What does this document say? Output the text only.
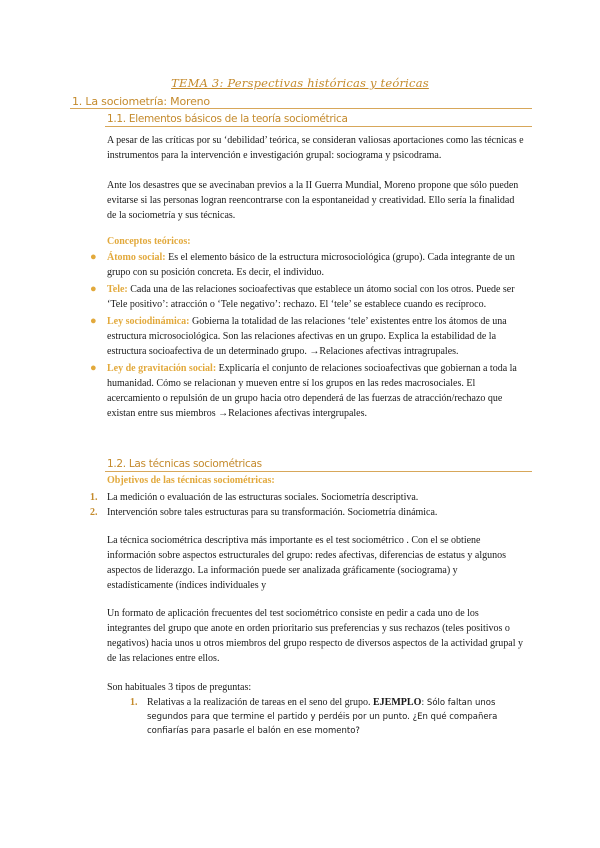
TEMA 3: Perspectivas históricas y teóricas
1. La sociometría: Moreno
1.1. Elementos básicos de la teoría sociométrica

A pesar de las críticas por su ‘debilidad’ teórica, se consideran valiosas aportaciones como las técnicas e instrumentos para la intervención e investigación grupal: sociograma y psicodrama.

Ante los desastres que se avecinaban previos a la II Guerra Mundial, Moreno propone que sólo pueden evitarse si las personas logran reencontrarse con la espontaneidad y creatividad. Ello sería la finalidad de la sociometría y sus técnicas.

Conceptos teóricos:
● Átomo social: Es el elemento básico de la estructura microsociológica (grupo). Cada integrante de un grupo con su posición concreta. Es decir, el individuo.
● Tele: Cada una de las relaciones socioafectivas que establece un átomo social con los otros. Puede ser ‘Tele positivo’: atracción o ‘Tele negativo’: rechazo. El ‘tele’ se establece cuando es recíproco.
● Ley sociodinámica: Gobierna la totalidad de las relaciones ‘tele’ existentes entre los átomos de una estructura microsociológica. Son las relaciones afectivas en un grupo. Explica la estabilidad de la estructura socioafectiva de un determinado grupo. →Relaciones afectivas intragrupales.
● Ley de gravitación social: Explicaría el conjunto de relaciones socioafectivas que gobiernan a toda la humanidad. Cómo se relacionan y mueven entre sí los grupos en las redes macrosociales. El acercamiento o repulsión de un grupo hacia otro dependerá de las fuerzas de atracción/rechazo que existan entre sus miembros →Relaciones afectivas intergrupales.
1.2. Las técnicas sociométricas
Objetivos de las técnicas sociométricas:
1. La medición o evaluación de las estructuras sociales. Sociometría descriptiva.
2. Intervención sobre tales estructuras para su transformación. Sociometría dinámica.

La técnica sociométrica descriptiva más importante es el test sociométrico . Con el se obtiene información sobre aspectos estructurales del grupo: redes afectivas, diferencias de estatus y algunos aspectos de liderazgo. La información puede ser analizada gráficamente (sociograma) y estadísticamente (índices individuales y

Un formato de aplicación frecuentes del test sociométrico consiste en pedir a cada uno de los integrantes del grupo que anote en orden prioritario sus preferencias y sus rechazos (teles positivos o negativos) hacia unos u otros miembros del grupo respecto de diversos aspectos de la actividad grupal y de las relaciones entre ellos.

Son habituales 3 tipos de preguntas:

1. Relativas a la realización de tareas en el seno del grupo. EJEMPLO: Sólo faltan unos segundos para que termine el partido y perdéis por un punto. ¿En qué compañera confiarías para pasarle el balón en ese momento?
